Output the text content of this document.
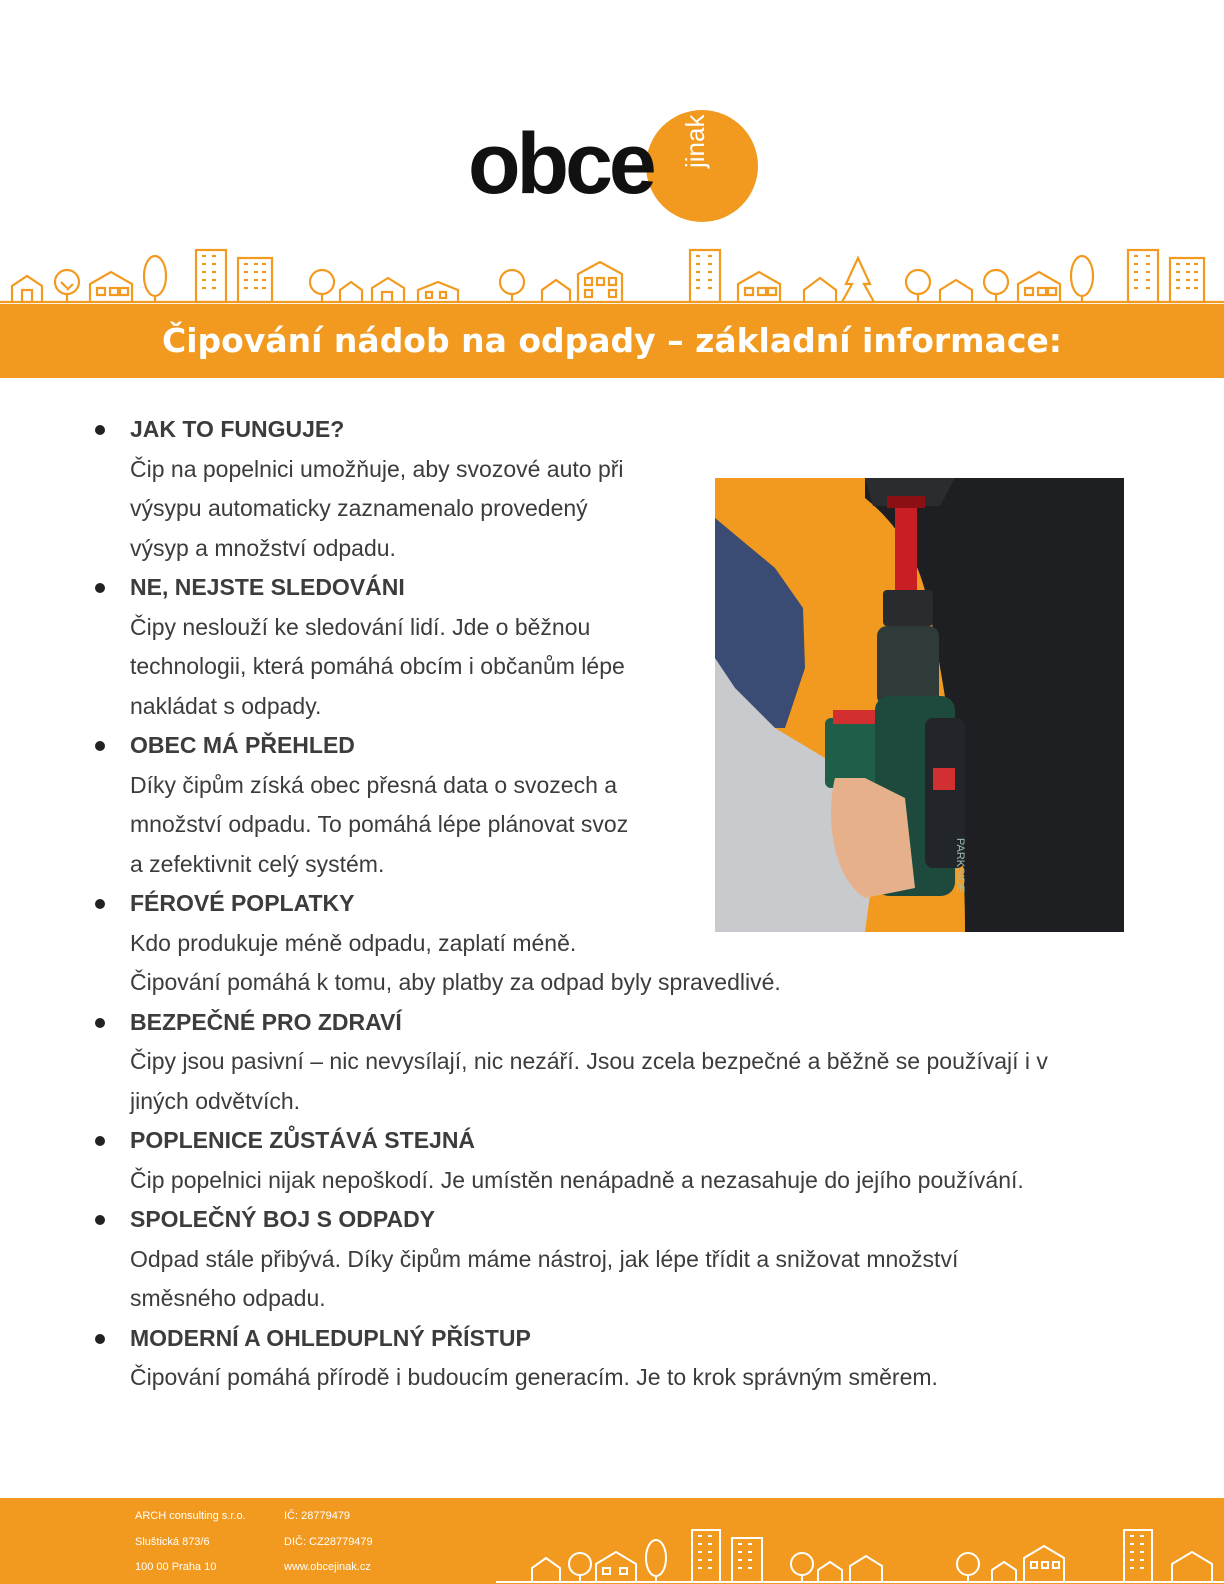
obce jinak
Čipování nádob na odpady – základní informace:
PARKSIDE
JAK TO FUNGUJE?
Čip na popelnici umožňuje, aby svozové auto při
výsypu automaticky zaznamenalo provedený
výsyp a množství odpadu.
NE, NEJSTE SLEDOVÁNI
Čipy neslouží ke sledování lidí. Jde o běžnou
technologii, která pomáhá obcím i občanům lépe
nakládat s odpady.
OBEC MÁ PŘEHLED
Díky čipům získá obec přesná data o svozech a
množství odpadu. To pomáhá lépe plánovat svoz
a zefektivnit celý systém.
FÉROVÉ POPLATKY
Kdo produkuje méně odpadu, zaplatí méně.
Čipování pomáhá k tomu, aby platby za odpad byly spravedlivé.
BEZPEČNÉ PRO ZDRAVÍ
Čipy jsou pasivní – nic nevysílají, nic nezáří. Jsou zcela bezpečné a běžně se používají i v
jiných odvětvích.
POPLENICE ZŮSTÁVÁ STEJNÁ
Čip popelnici nijak nepoškodí. Je umístěn nenápadně a nezasahuje do jejího používání.
SPOLEČNÝ BOJ S ODPADY
Odpad stále přibývá. Díky čipům máme nástroj, jak lépe třídit a snižovat množství
směsného odpadu.
MODERNÍ A OHLEDUPLNÝ PŘÍSTUP
Čipování pomáhá přírodě i budoucím generacím. Je to krok správným směrem.
ARCH consulting s.r.o.
Sluštická 873/6
100 00 Praha 10
IČ: 28779479
DIČ: CZ28779479
www.obcejinak.cz
